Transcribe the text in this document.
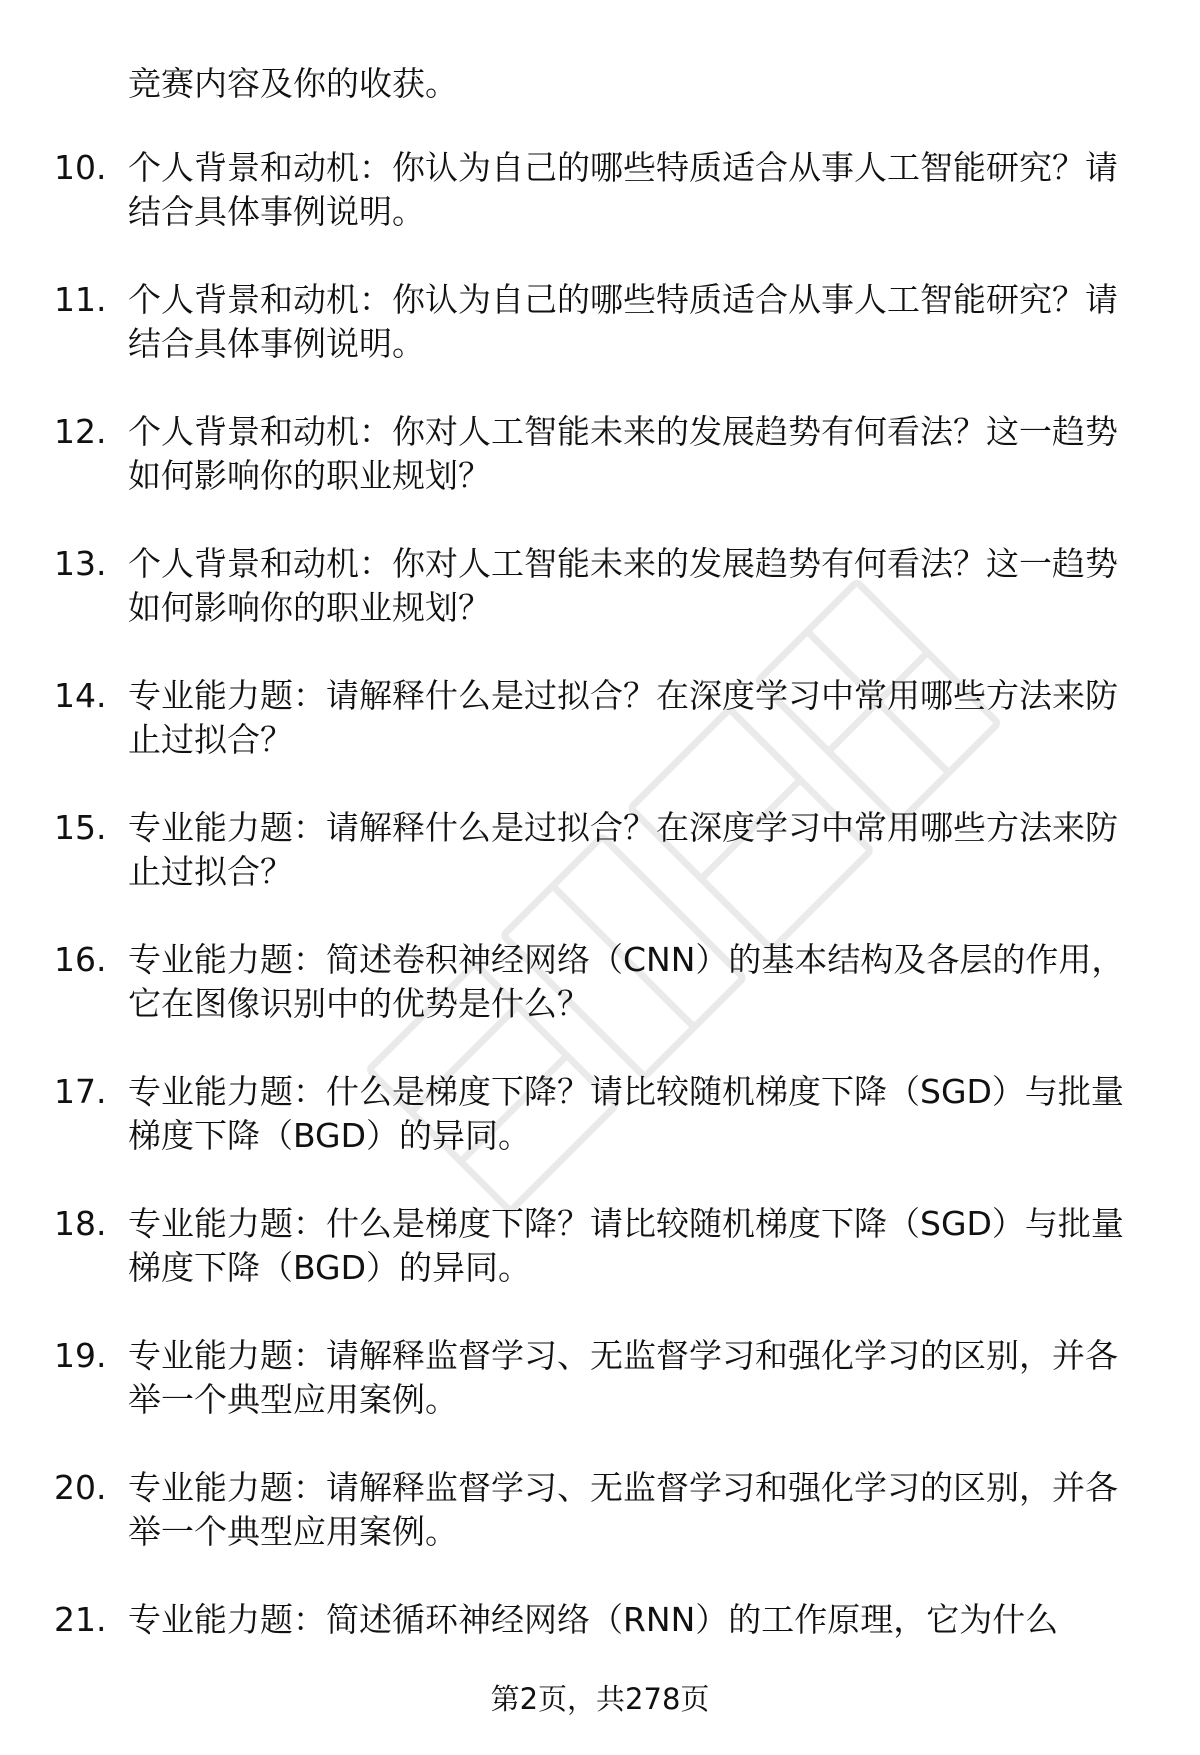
竞赛内容及你的收获。

10. 个人背景和动机：你认为自己的哪些特质适合从事人工智能研究？请结合具体事例说明。
11. 个人背景和动机：你认为自己的哪些特质适合从事人工智能研究？请结合具体事例说明。
12. 个人背景和动机：你对人工智能未来的发展趋势有何看法？这一趋势如何影响你的职业规划？
13. 个人背景和动机：你对人工智能未来的发展趋势有何看法？这一趋势如何影响你的职业规划？
14. 专业能力题：请解释什么是过拟合？在深度学习中常用哪些方法来防止过拟合？
15. 专业能力题：请解释什么是过拟合？在深度学习中常用哪些方法来防止过拟合？
16. 专业能力题：简述卷积神经网络（CNN）的基本结构及各层的作用，它在图像识别中的优势是什么？
17. 专业能力题：什么是梯度下降？请比较随机梯度下降（SGD）与批量梯度下降（BGD）的异同。
18. 专业能力题：什么是梯度下降？请比较随机梯度下降（SGD）与批量梯度下降（BGD）的异同。
19. 专业能力题：请解释监督学习、无监督学习和强化学习的区别，并各举一个典型应用案例。
20. 专业能力题：请解释监督学习、无监督学习和强化学习的区别，并各举一个典型应用案例。
21. 专业能力题：简述循环神经网络（RNN）的工作原理，它为什么
第2页，共278页
